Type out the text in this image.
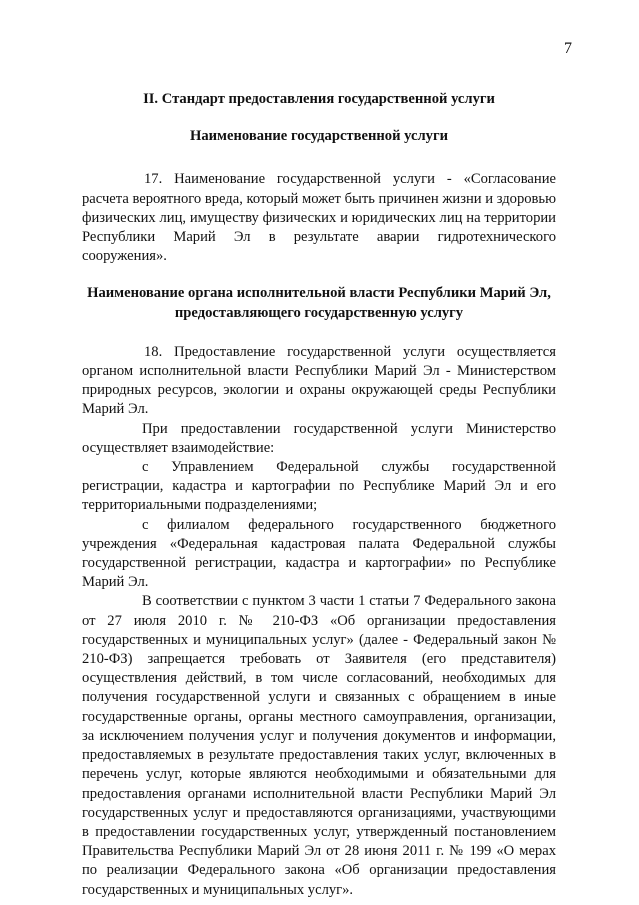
7

II. Стандарт предоставления государственной услуги

Наименование государственной услуги

17. Наименование государственной услуги - «Согласование расчета вероятного вреда, который может быть причинен жизни и здоровью физических лиц, имуществу физических и юридических лиц на территории Республики Марий Эл в результате аварии гидротехнического сооружения».

Наименование органа исполнительной власти Республики Марий Эл, предоставляющего государственную услугу

18. Предоставление государственной услуги осуществляется органом исполнительной власти Республики Марий Эл - Министерством природных ресурсов, экологии и охраны окружающей среды Республики Марий Эл.

При предоставлении государственной услуги Министерство осуществляет взаимодействие:

с Управлением Федеральной службы государственной регистрации, кадастра и картографии по Республике Марий Эл и его территориальными подразделениями;

с филиалом федерального государственного бюджетного учреждения «Федеральная кадастровая палата Федеральной службы государственной регистрации, кадастра и картографии» по Республике Марий Эл.

В соответствии с пунктом 3 части 1 статьи 7 Федерального закона от 27 июля 2010 г. № 210-ФЗ «Об организации предоставления государственных и муниципальных услуг» (далее - Федеральный закон № 210-ФЗ) запрещается требовать от Заявителя (его представителя) осуществления действий, в том числе согласований, необходимых для получения государственной услуги и связанных с обращением в иные государственные органы, органы местного самоуправления, организации, за исключением получения услуг и получения документов и информации, предоставляемых в результате предоставления таких услуг, включенных в перечень услуг, которые являются необходимыми и обязательными для предоставления органами исполнительной власти Республики Марий Эл государственных услуг и предоставляются организациями, участвующими в предоставлении государственных услуг, утвержденный постановлением Правительства Республики Марий Эл от 28 июня 2011 г. № 199 «О мерах по реализации Федерального закона «Об организации предоставления государственных и муниципальных услуг».
